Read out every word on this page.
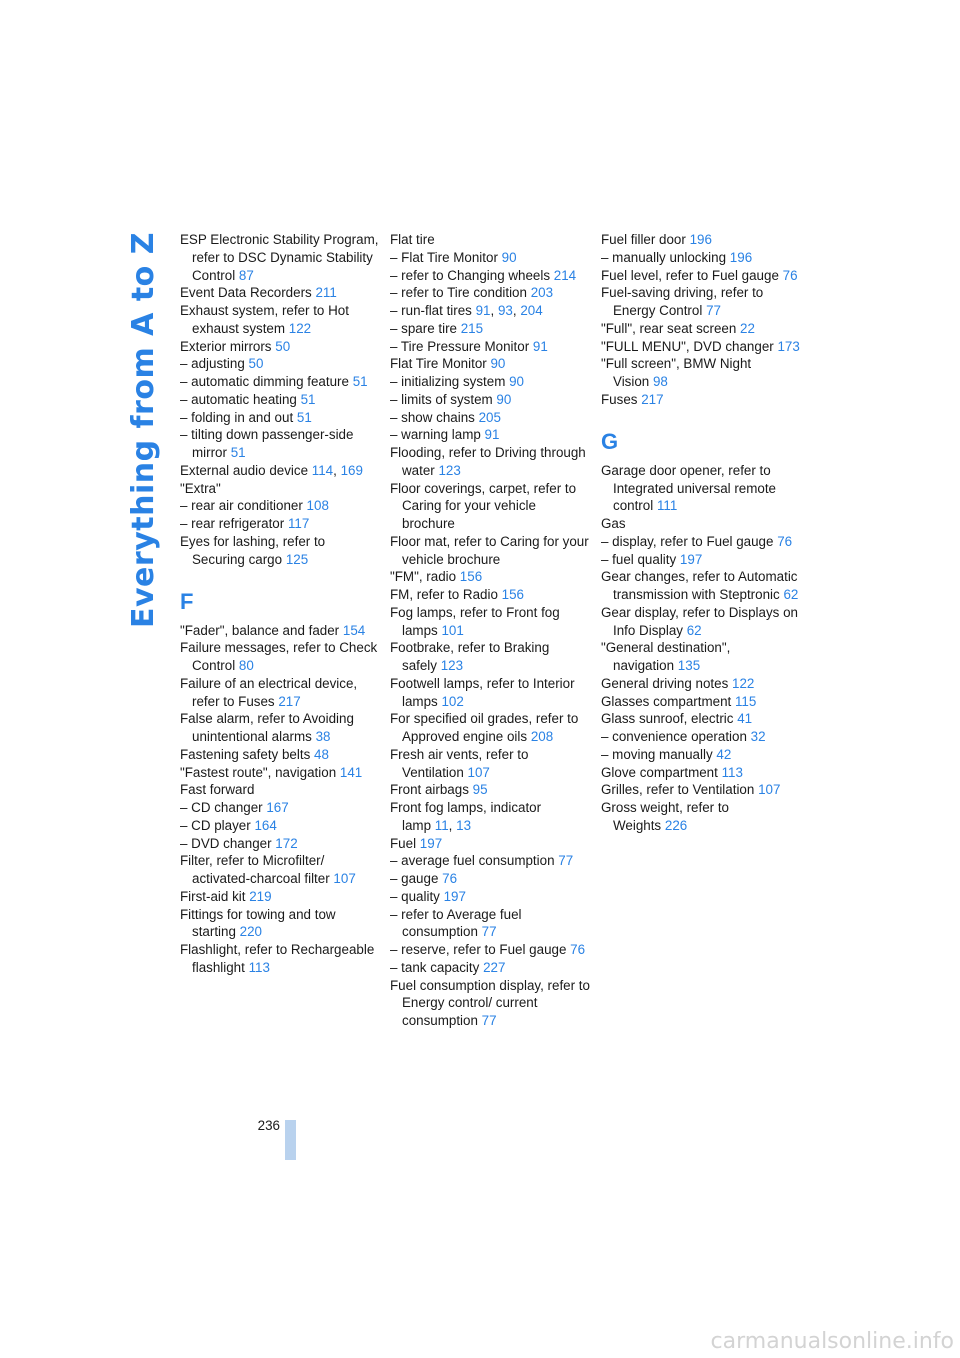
Everything from A to Z ESP Electronic Stability Program, refer to DSC Dynamic Stability Control 87
Event Data Recorders 211
Exhaust system, refer to Hot exhaust system 122
Exterior mirrors 50
– adjusting 50
– automatic dimming feature 51
– automatic heating 51
– folding in and out 51
– tilting down passenger-side mirror 51
External audio device 114, 169
"Extra"
– rear air conditioner 108
– rear refrigerator 117
Eyes for lashing, refer to Securing cargo 125
F
"Fader", balance and fader 154
Failure messages, refer to Check Control 80
Failure of an electrical device, refer to Fuses 217
False alarm, refer to Avoiding unintentional alarms 38
Fastening safety belts 48
"Fastest route", navigation 141
Fast forward
– CD changer 167
– CD player 164
– DVD changer 172
Filter, refer to Microfilter/ activated-charcoal filter 107
First-aid kit 219
Fittings for towing and tow starting 220
Flashlight, refer to Rechargeable flashlight 113
Flat tire
– Flat Tire Monitor 90
– refer to Changing wheels 214
– refer to Tire condition 203
– run-flat tires 91, 93, 204
– spare tire 215
– Tire Pressure Monitor 91
Flat Tire Monitor 90
– initializing system 90
– limits of system 90
– show chains 205
– warning lamp 91
Flooding, refer to Driving through water 123
Floor coverings, carpet, refer to Caring for your vehicle brochure
Floor mat, refer to Caring for your vehicle brochure
"FM", radio 156
FM, refer to Radio 156
Fog lamps, refer to Front fog lamps 101
Footbrake, refer to Braking safely 123
Footwell lamps, refer to Interior lamps 102
For specified oil grades, refer to Approved engine oils 208
Fresh air vents, refer to Ventilation 107
Front airbags 95
Front fog lamps, indicator lamp 11, 13
Fuel 197
– average fuel consumption 77
– gauge 76
– quality 197
– refer to Average fuel consumption 77
– reserve, refer to Fuel gauge 76
– tank capacity 227
Fuel consumption display, refer to Energy control/ current consumption 77
Fuel filler door 196
– manually unlocking 196
Fuel level, refer to Fuel gauge 76
Fuel-saving driving, refer to Energy Control 77
"Full", rear seat screen 22
"FULL MENU", DVD changer 173
"Full screen", BMW Night Vision 98
Fuses 217
G
Garage door opener, refer to Integrated universal remote control 111
Gas
– display, refer to Fuel gauge 76
– fuel quality 197
Gear changes, refer to Automatic transmission with Steptronic 62
Gear display, refer to Displays on Info Display 62
"General destination", navigation 135
General driving notes 122
Glasses compartment 115
Glass sunroof, electric 41
– convenience operation 32
– moving manually 42
Glove compartment 113
Grilles, refer to Ventilation 107
Gross weight, refer to Weights 226
236
carmanualsonline.info
